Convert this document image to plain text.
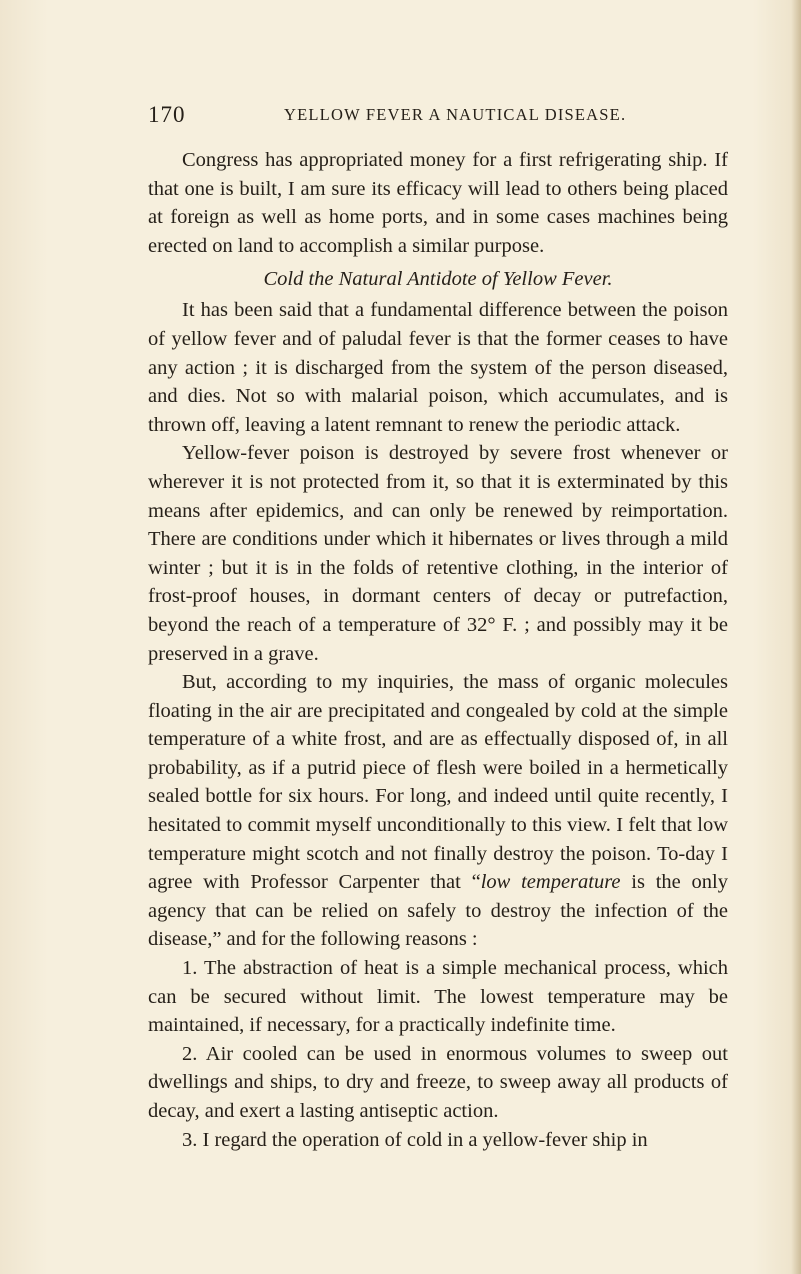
170	YELLOW FEVER A NAUTICAL DISEASE.

Congress has appropriated money for a first refrigerating ship. If that one is built, I am sure its efficacy will lead to others being placed at foreign as well as home ports, and in some cases machines being erected on land to accomplish a similar purpose.

Cold the Natural Antidote of Yellow Fever.

It has been said that a fundamental difference between the poison of yellow fever and of paludal fever is that the former ceases to have any action ; it is discharged from the system of the person diseased, and dies. Not so with malarial poison, which accumulates, and is thrown off, leaving a latent remnant to renew the periodic attack.

Yellow-fever poison is destroyed by severe frost whenever or wherever it is not protected from it, so that it is exterminated by this means after epidemics, and can only be renewed by reimportation. There are conditions under which it hibernates or lives through a mild winter ; but it is in the folds of retentive clothing, in the interior of frost-proof houses, in dormant centers of decay or putrefaction, beyond the reach of a temperature of 32° F. ; and possibly may it be preserved in a grave.

But, according to my inquiries, the mass of organic molecules floating in the air are precipitated and congealed by cold at the simple temperature of a white frost, and are as effectually disposed of, in all probability, as if a putrid piece of flesh were boiled in a hermetically sealed bottle for six hours. For long, and indeed until quite recently, I hesitated to commit myself unconditionally to this view. I felt that low temperature might scotch and not finally destroy the poison. To-day I agree with Professor Carpenter that “low temperature is the only agency that can be relied on safely to destroy the infection of the disease,” and for the following reasons :

1. The abstraction of heat is a simple mechanical process, which can be secured without limit. The lowest temperature may be maintained, if necessary, for a practically indefinite time.

2. Air cooled can be used in enormous volumes to sweep out dwellings and ships, to dry and freeze, to sweep away all products of decay, and exert a lasting antiseptic action.

3. I regard the operation of cold in a yellow-fever ship in
